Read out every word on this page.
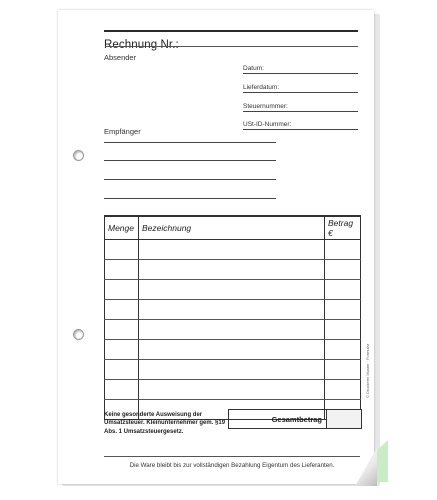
Rechnung Nr.:
Absender
Datum:
Lieferdatum:
Steuernummer:
USt-ID-Nummer:
Empfänger
Menge	Bezeichnung	Betrag €

Keine gesonderte Ausweisung der Umsatzsteuer. Kleinunternehmer gem. §19 Abs. 1 Umsatzsteuergesetz.
Gesamtbetrag
Die Ware bleibt bis zur vollständigen Bezahlung Eigentum des Lieferanten.
© Druckerei Muster · Formular
